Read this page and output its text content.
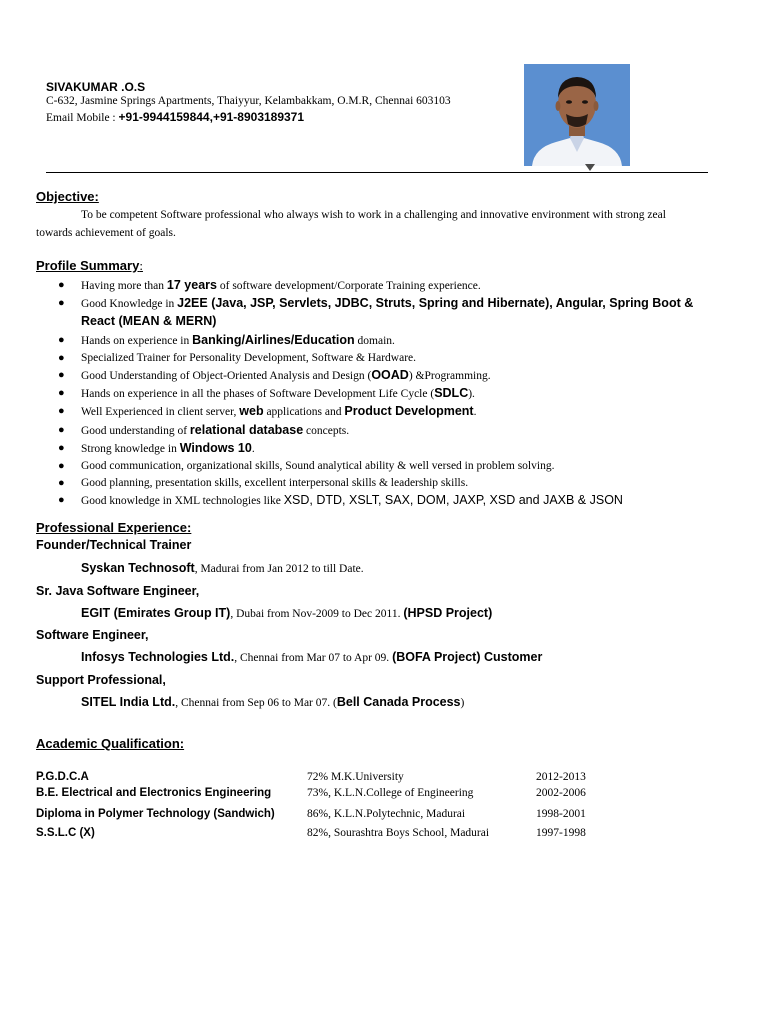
SIVAKUMAR .O.S
C-632, Jasmine Springs Apartments, Thaiyyur, Kelambakkam, O.M.R, Chennai 603103
Email Mobile : +91-9944159844,+91-8903189371
Objective:
To be competent Software professional who always wish to work in a challenging and innovative environment with strong zeal towards achievement of goals.
Profile Summary:
● Having more than 17 years of software development/Corporate Training experience.
● Good Knowledge in J2EE (Java, JSP, Servlets, JDBC, Struts, Spring and Hibernate), Angular, Spring Boot & React (MEAN & MERN)
● Hands on experience in Banking/Airlines/Education domain.
● Specialized Trainer for Personality Development, Software & Hardware.
● Good Understanding of Object-Oriented Analysis and Design (OOAD) &Programming.
● Hands on experience in all the phases of Software Development Life Cycle (SDLC).
● Well Experienced in client server, web applications and Product Development.
● Good understanding of relational database concepts.
● Strong knowledge in Windows 10.
● Good communication, organizational skills, Sound analytical ability & well versed in problem solving.
● Good planning, presentation skills, excellent interpersonal skills & leadership skills.
● Good knowledge in XML technologies like XSD, DTD, XSLT, SAX, DOM, JAXP, XSD and JAXB & JSON
Professional Experience:
Founder/Technical Trainer
Syskan Technosoft, Madurai from Jan 2012 to till Date.
Sr. Java Software Engineer,
EGIT (Emirates Group IT), Dubai from Nov-2009 to Dec 2011. (HPSD Project)
Software Engineer,
Infosys Technologies Ltd., Chennai from Mar 07 to Apr 09. (BOFA Project) Customer
Support Professional,
SITEL India Ltd., Chennai from Sep 06 to Mar 07. (Bell Canada Process)
Academic Qualification:
P.G.D.C.A	72% M.K.University	2012-2013
B.E. Electrical and Electronics Engineering	73%, K.L.N.College of Engineering	2002-2006
Diploma in Polymer Technology (Sandwich)	86%, K.L.N.Polytechnic, Madurai	1998-2001
S.S.L.C (X)	82%, Sourashtra Boys School, Madurai	1997-1998
